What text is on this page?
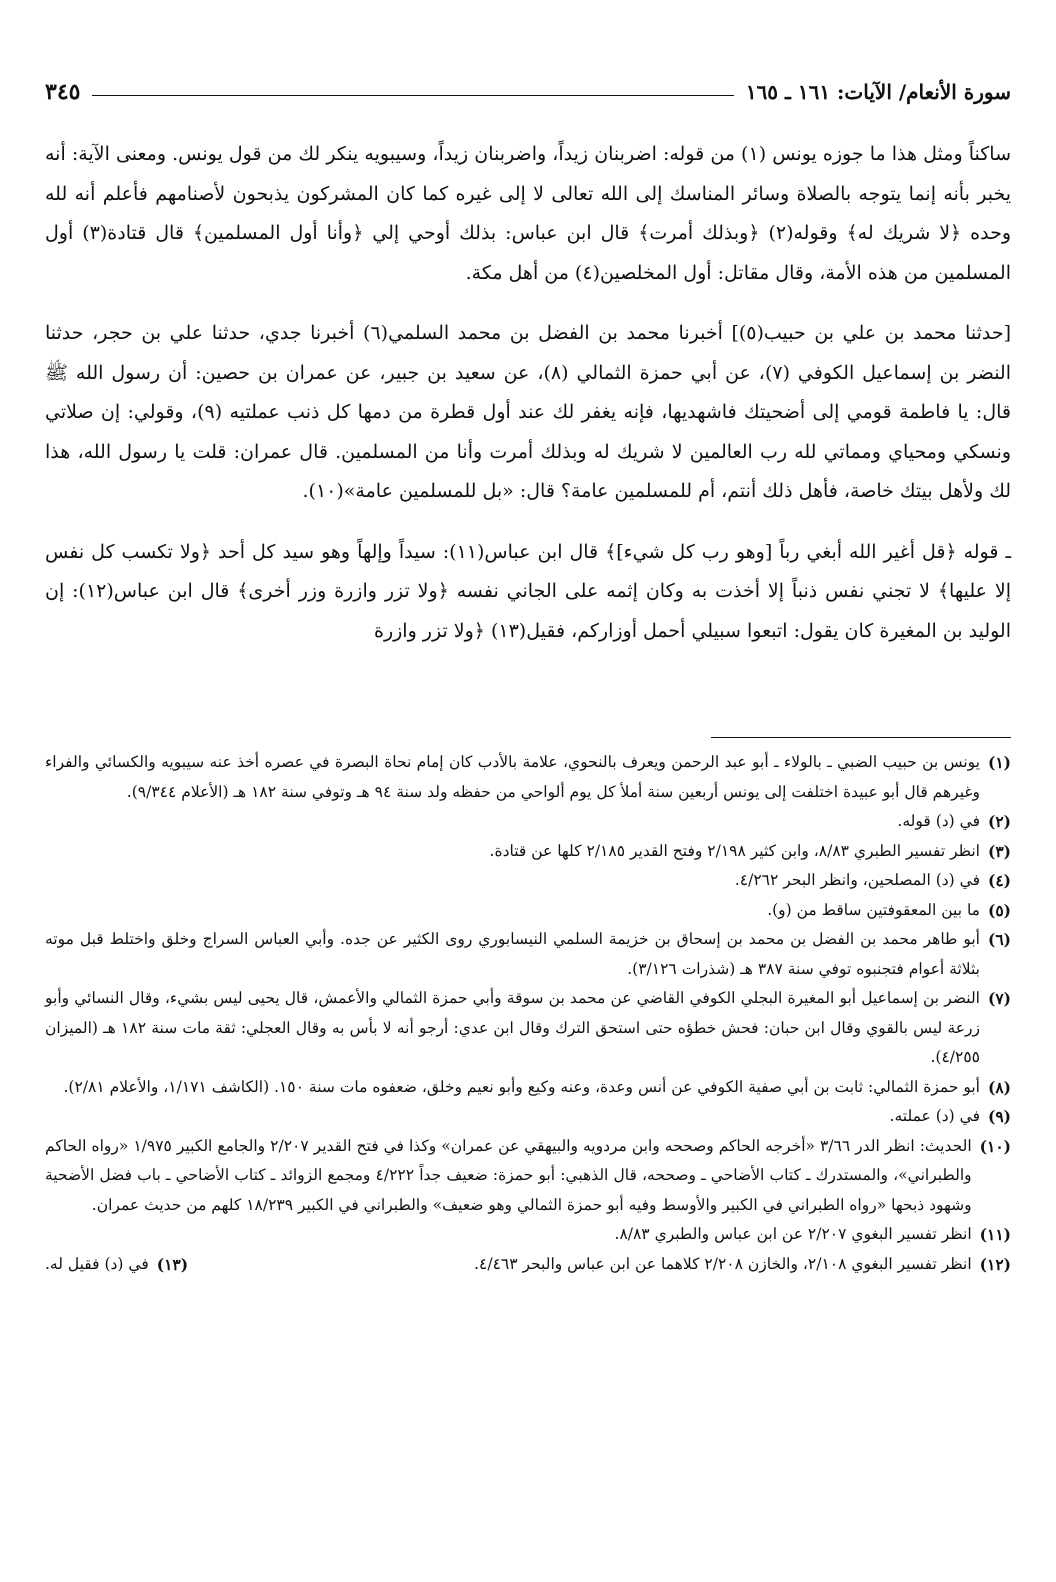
سورة الأنعام/ الآيات: ١٦١ ـ ١٦٥
٣٤٥

ساكناً ومثل هذا ما جوزه يونس (١) من قوله: اضربنان زيداً، واضربنان زيداً، وسيبويه ينكر لك من قول يونس. ومعنى الآية: أنه يخبر بأنه إنما يتوجه بالصلاة وسائر المناسك إلى الله تعالى لا إلى غيره كما كان المشركون يذبحون لأصنامهم فأعلم أنه لله وحده ﴿لا شريك له﴾ وقوله(٢) ﴿وبذلك أمرت﴾ قال ابن عباس: بذلك أوحي إلي ﴿وأنا أول المسلمين﴾ قال قتادة(٣) أول المسلمين من هذه الأمة، وقال مقاتل: أول المخلصين(٤) من أهل مكة.

[حدثنا محمد بن علي بن حبيب(٥)] أخبرنا محمد بن الفضل بن محمد السلمي(٦) أخبرنا جدي، حدثنا علي بن حجر، حدثنا النضر بن إسماعيل الكوفي (٧)، عن أبي حمزة الثمالي (٨)، عن سعيد بن جبير، عن عمران بن حصين: أن رسول الله ﷺ قال: يا فاطمة قومي إلى أضحيتك فاشهديها، فإنه يغفر لك عند أول قطرة من دمها كل ذنب عملتيه (٩)، وقولي: إن صلاتي ونسكي ومحياي ومماتي لله رب العالمين لا شريك له وبذلك أمرت وأنا من المسلمين. قال عمران: قلت يا رسول الله، هذا لك ولأهل بيتك خاصة، فأهل ذلك أنتم، أم للمسلمين عامة؟ قال: «بل للمسلمين عامة»(١٠).

ـ قوله ﴿قل أغير الله أبغي رباً [وهو رب كل شيء]﴾ قال ابن عباس(١١): سيداً وإلهاً وهو سيد كل أحد ﴿ولا تكسب كل نفس إلا عليها﴾ لا تجني نفس ذنباً إلا أخذت به وكان إثمه على الجاني نفسه ﴿ولا تزر وازرة وزر أخرى﴾ قال ابن عباس(١٢): إن الوليد بن المغيرة كان يقول: اتبعوا سبيلي أحمل أوزاركم، فقيل(١٣) ﴿ولا تزر وازرة

(١)
يونس بن حبيب الضبي ـ بالولاء ـ أبو عبد الرحمن ويعرف بالنحوي، علامة بالأدب كان إمام نحاة البصرة في عصره أخذ عنه سيبويه والكسائي والفراء وغيرهم قال أبو عبيدة اختلفت إلى يونس أربعين سنة أملأ كل يوم ألواحي من حفظه ولد سنة ٩٤ هـ وتوفي سنة ١٨٢ هـ (الأعلام ٩/٣٤٤).
(٢)
في (د) قوله.
(٣)
انظر تفسير الطبري ٨/٨٣، وابن كثير ٢/١٩٨ وفتح القدير ٢/١٨٥ كلها عن قتادة.
(٤)
في (د) المصلحين، وانظر البحر ٤/٢٦٢.
(٥)
ما بين المعقوفتين ساقط من (و).
(٦)
أبو طاهر محمد بن الفضل بن محمد بن إسحاق بن خزيمة السلمي النيسابوري روى الكثير عن جده. وأبي العباس السراج وخلق واختلط قبل موته بثلاثة أعوام فتجنبوه توفي سنة ٣٨٧ هـ (شذرات ٣/١٢٦).
(٧)
النضر بن إسماعيل أبو المغيرة البجلي الكوفي القاضي عن محمد بن سوقة وأبي حمزة الثمالي والأعمش، قال يحيى ليس بشيء، وقال النسائي وأبو زرعة ليس بالقوي وقال ابن حبان: فحش خطؤه حتى استحق الترك وقال ابن عدي: أرجو أنه لا بأس به وقال العجلي: ثقة مات سنة ١٨٢ هـ (الميزان ٤/٢٥٥).
(٨)
أبو حمزة الثمالي: ثابت بن أبي صفية الكوفي عن أنس وعدة، وعنه وكيع وأبو نعيم وخلق، ضعفوه مات سنة ١٥٠. (الكاشف ١/١٧١، والأعلام ٢/٨١).
(٩)
في (د) عملته.
(١٠)
الحديث: انظر الدر ٣/٦٦ «أخرجه الحاكم وصححه وابن مردويه والبيهقي عن عمران» وكذا في فتح القدير ٢/٢٠٧ والجامع الكبير ١/٩٧٥ «رواه الحاكم والطبراني»، والمستدرك ـ كتاب الأضاحي ـ وصححه، قال الذهبي: أبو حمزة: ضعيف جداً ٤/٢٢٢ ومجمع الزوائد ـ كتاب الأضاحي ـ باب فضل الأضحية وشهود ذبحها «رواه الطبراني في الكبير والأوسط وفيه أبو حمزة الثمالي وهو ضعيف» والطبراني في الكبير ١٨/٢٣٩ كلهم من حديث عمران.
(١١)
انظر تفسير البغوي ٢/٢٠٧ عن ابن عباس والطبري ٨/٨٣.
(١٢)
انظر تفسير البغوي ٢/١٠٨، والخازن ٢/٢٠٨ كلاهما عن ابن عباس والبحر ٤/٤٦٣.
(١٣)
في (د) فقيل له.
